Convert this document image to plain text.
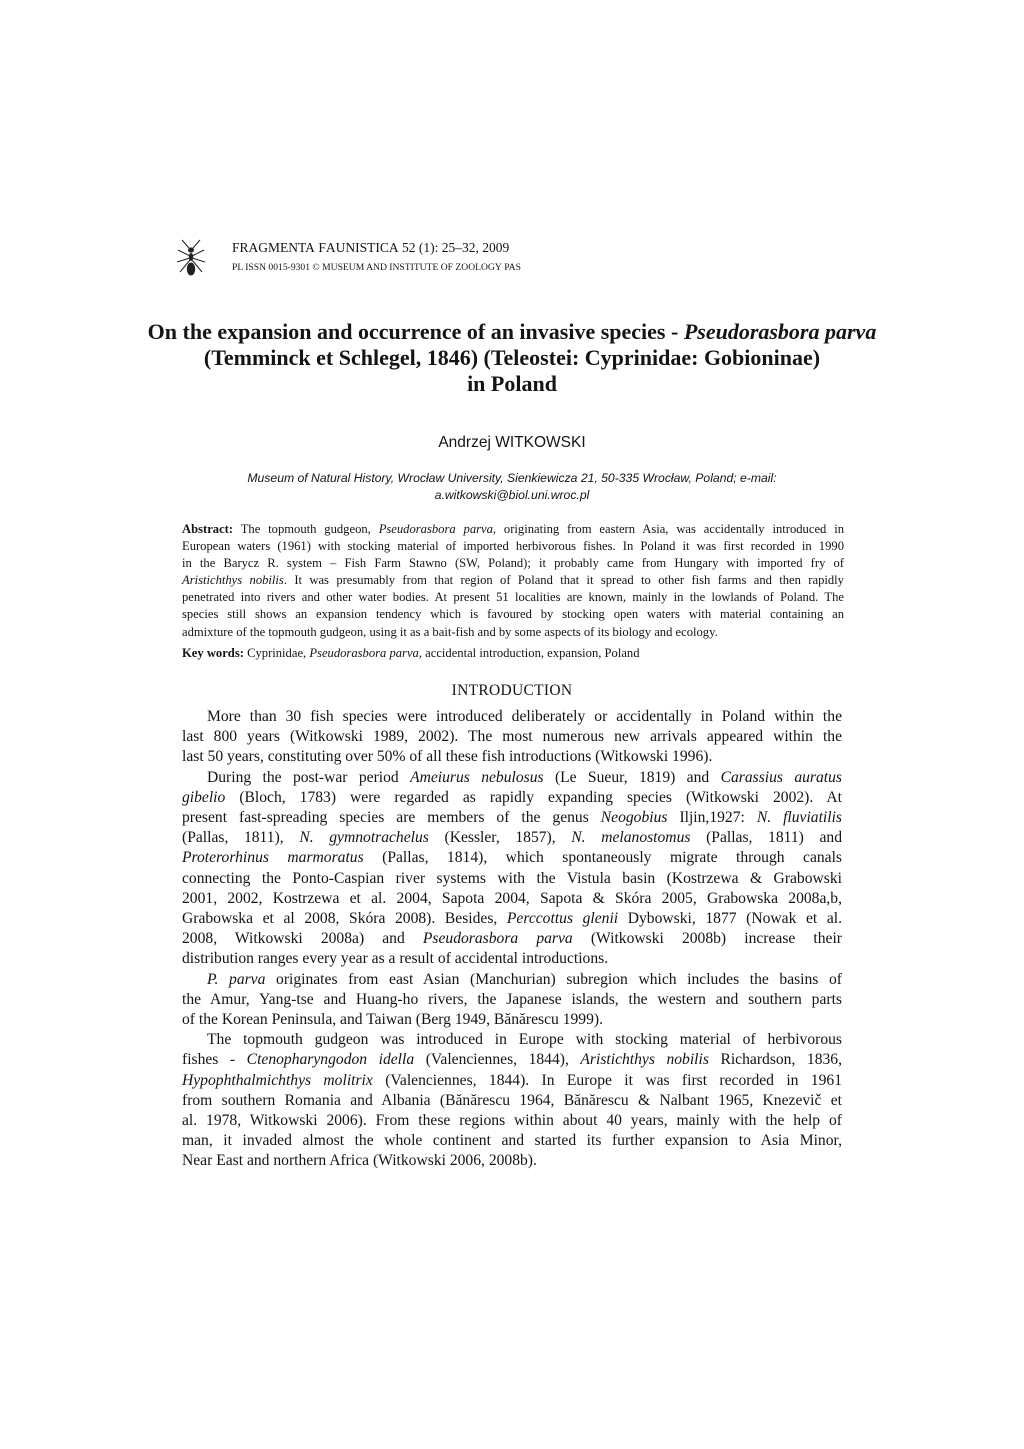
FRAGMENTA FAUNISTICA 52 (1): 25–32, 2009
PL ISSN 0015-9301 © MUSEUM AND INSTITUTE OF ZOOLOGY PAS
On the expansion and occurrence of an invasive species - Pseudorasbora parva
(Temminck et Schlegel, 1846) (Teleostei: Cyprinidae: Gobioninae)
in Poland
Andrzej WITKOWSKI
Museum of Natural History, Wrocław University, Sienkiewicza 21, 50-335 Wrocław, Poland; e-mail:
a.witkowski@biol.uni.wroc.pl

Abstract: The topmouth gudgeon, Pseudorasbora parva, originating from eastern Asia, was accidentally introduced in
European waters (1961) with stocking material of imported herbivorous fishes. In Poland it was first recorded in 1990
in the Barycz R. system – Fish Farm Stawno (SW, Poland); it probably came from Hungary with imported fry of
Aristichthys nobilis. It was presumably from that region of Poland that it spread to other fish farms and then rapidly
penetrated into rivers and other water bodies. At present 51 localities are known, mainly in the lowlands of Poland. The
species still shows an expansion tendency which is favoured by stocking open waters with material containing an
admixture of the topmouth gudgeon, using it as a bait-fish and by some aspects of its biology and ecology.

Key words: Cyprinidae, Pseudorasbora parva, accidental introduction, expansion, Poland

INTRODUCTION
More than 30 fish species were introduced deliberately or accidentally in Poland within the
last 800 years (Witkowski 1989, 2002). The most numerous new arrivals appeared within the
last 50 years, constituting over 50% of all these fish introductions (Witkowski 1996).
During the post-war period Ameiurus nebulosus (Le Sueur, 1819) and Carassius auratus
gibelio (Bloch, 1783) were regarded as rapidly expanding species (Witkowski 2002). At
present fast-spreading species are members of the genus Neogobius Iljin,1927: N. fluviatilis
(Pallas, 1811), N. gymnotrachelus (Kessler, 1857), N. melanostomus (Pallas, 1811) and
Proterorhinus marmoratus (Pallas, 1814), which spontaneously migrate through canals
connecting the Ponto-Caspian river systems with the Vistula basin (Kostrzewa & Grabowski
2001, 2002, Kostrzewa et al. 2004, Sapota 2004, Sapota & Skóra 2005, Grabowska 2008a,b,
Grabowska et al 2008, Skóra 2008). Besides, Perccottus glenii Dybowski, 1877 (Nowak et al.
2008, Witkowski 2008a) and Pseudorasbora parva (Witkowski 2008b) increase their
distribution ranges every year as a result of accidental introductions.
P. parva originates from east Asian (Manchurian) subregion which includes the basins of
the Amur, Yang-tse and Huang-ho rivers, the Japanese islands, the western and southern parts
of the Korean Peninsula, and Taiwan (Berg 1949, Bănărescu 1999).
The topmouth gudgeon was introduced in Europe with stocking material of herbivorous
fishes - Ctenopharyngodon idella (Valenciennes, 1844), Aristichthys nobilis Richardson, 1836,
Hypophthalmichthys molitrix (Valenciennes, 1844). In Europe it was first recorded in 1961
from southern Romania and Albania (Bănărescu 1964, Bănărescu & Nalbant 1965, Knezevič et
al. 1978, Witkowski 2006). From these regions within about 40 years, mainly with the help of
man, it invaded almost the whole continent and started its further expansion to Asia Minor,
Near East and northern Africa (Witkowski 2006, 2008b).
